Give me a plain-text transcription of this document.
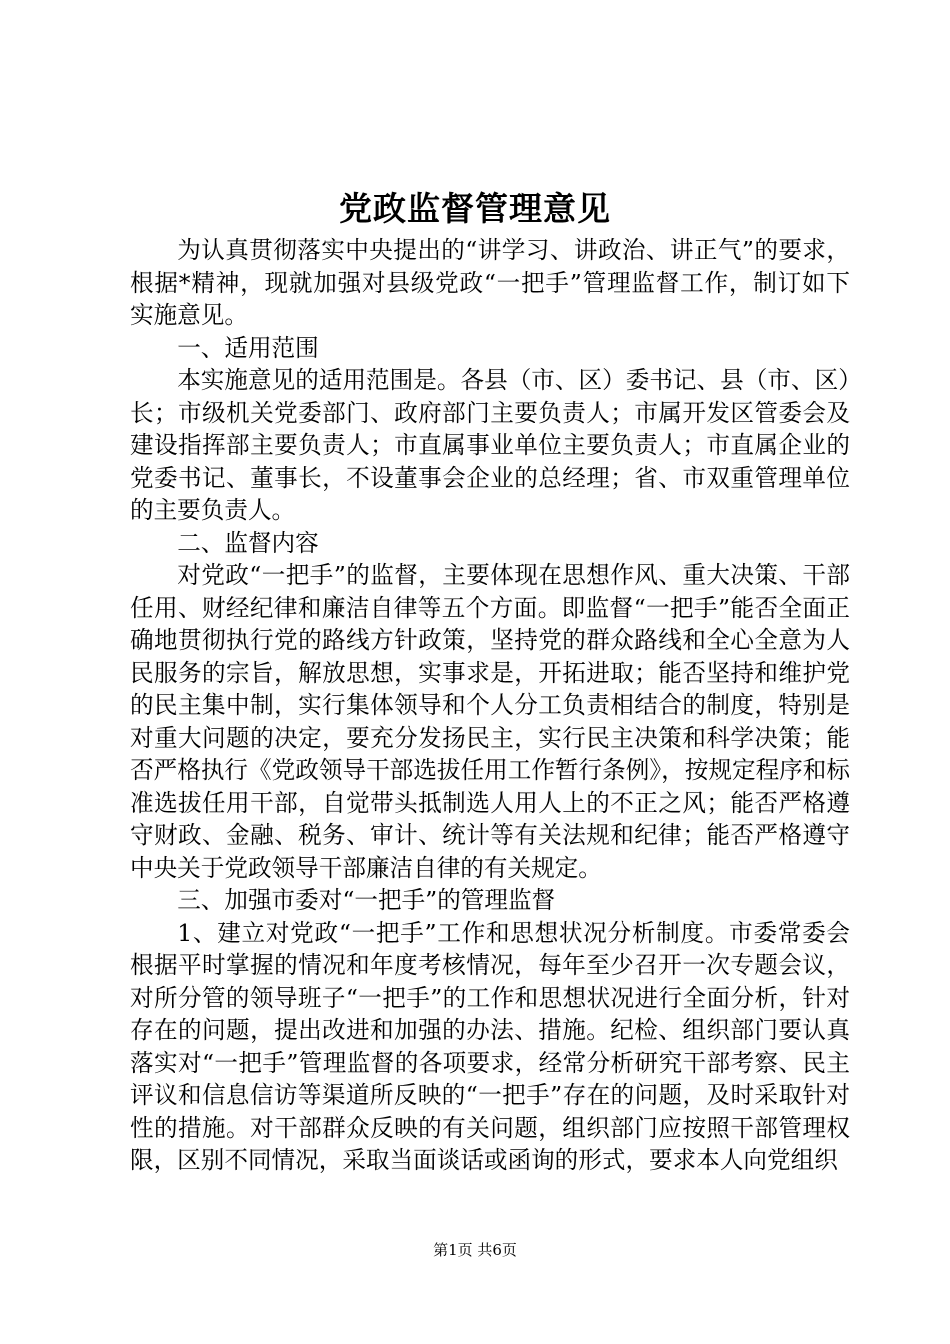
党政监督管理意见

为认真贯彻落实中央提出的“讲学习、讲政治、讲正气”的要求，根据*精神，现就加强对县级党政“一把手”管理监督工作，制订如下实施意见。

一、适用范围

本实施意见的适用范围是。各县（市、区）委书记、县（市、区）长；市级机关党委部门、政府部门主要负责人；市属开发区管委会及建设指挥部主要负责人；市直属事业单位主要负责人；市直属企业的党委书记、董事长，不设董事会企业的总经理；省、市双重管理单位的主要负责人。

二、监督内容

对党政“一把手”的监督，主要体现在思想作风、重大决策、干部任用、财经纪律和廉洁自律等五个方面。即监督“一把手”能否全面正确地贯彻执行党的路线方针政策，坚持党的群众路线和全心全意为人民服务的宗旨，解放思想，实事求是，开拓进取；能否坚持和维护党的民主集中制，实行集体领导和个人分工负责相结合的制度，特别是对重大问题的决定，要充分发扬民主，实行民主决策和科学决策；能否严格执行《党政领导干部选拔任用工作暂行条例》，按规定程序和标准选拔任用干部，自觉带头抵制选人用人上的不正之风；能否严格遵守财政、金融、税务、审计、统计等有关法规和纪律；能否严格遵守中央关于党政领导干部廉洁自律的有关规定。

三、加强市委对“一把手”的管理监督

1、建立对党政“一把手”工作和思想状况分析制度。市委常委会根据平时掌握的情况和年度考核情况，每年至少召开一次专题会议，对所分管的领导班子“一把手”的工作和思想状况进行全面分析，针对存在的问题，提出改进和加强的办法、措施。纪检、组织部门要认真落实对“一把手”管理监督的各项要求，经常分析研究干部考察、民主评议和信息信访等渠道所反映的“一把手”存在的问题，及时采取针对性的措施。对干部群众反映的有关问题，组织部门应按照干部管理权限，区别不同情况，采取当面谈话或函询的形式，要求本人向党组织

第1页 共6页
